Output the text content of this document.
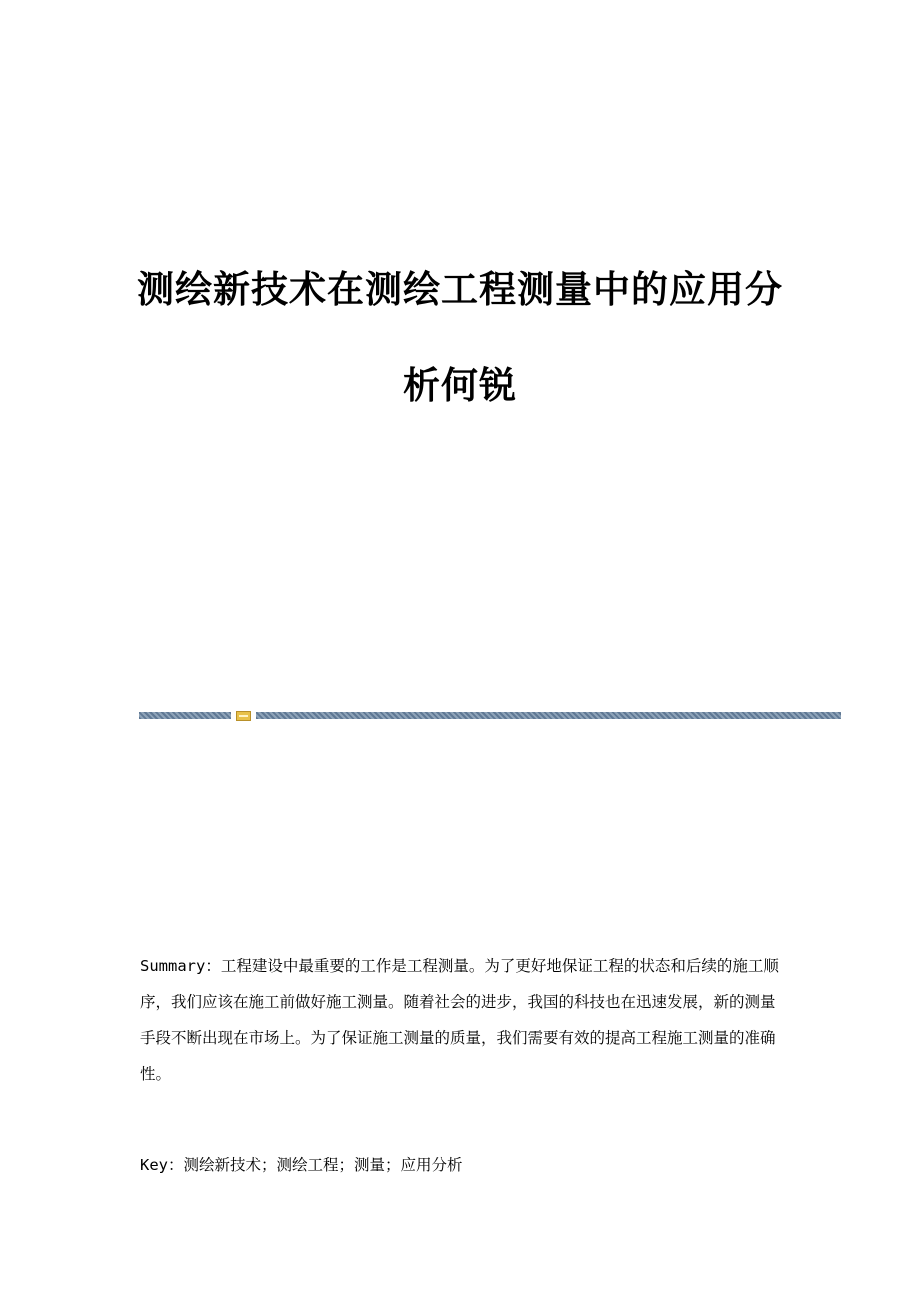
测绘新技术在测绘工程测量中的应用分
析何锐
Summary：工程建设中最重要的工作是工程测量。为了更好地保证工程的状态和后续的施工顺序，我们应该在施工前做好施工测量。随着社会的进步，我国的科技也在迅速发展，新的测量手段不断出现在市场上。为了保证施工测量的质量，我们需要有效的提高工程施工测量的准确性。
Key：测绘新技术；测绘工程；测量；应用分析
